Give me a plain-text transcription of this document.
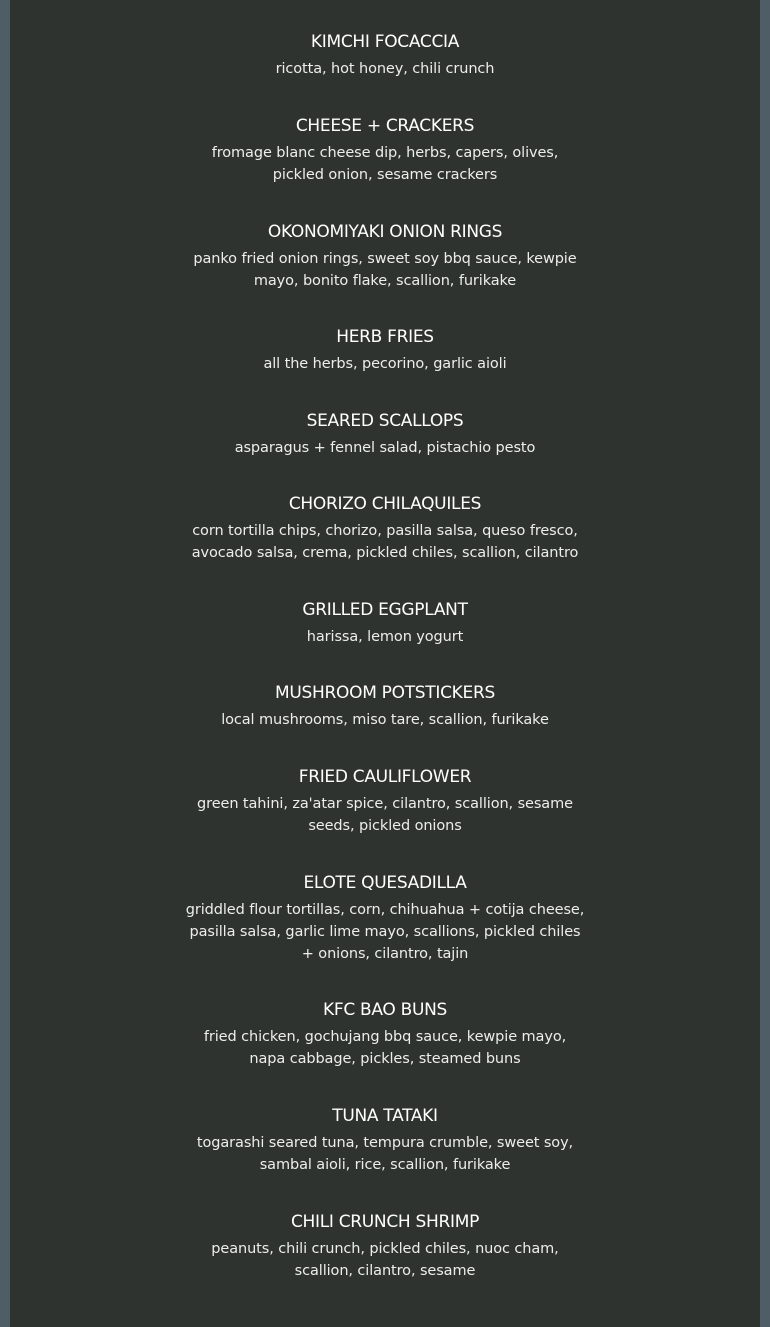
KIMCHI FOCACCIA
ricotta, hot honey, chili crunch
CHEESE + CRACKERS
fromage blanc cheese dip, herbs, capers, olives,
pickled onion, sesame crackers
OKONOMIYAKI ONION RINGS
panko fried onion rings, sweet soy bbq sauce, kewpie
mayo, bonito flake, scallion, furikake
HERB FRIES
all the herbs, pecorino, garlic aioli
SEARED SCALLOPS
asparagus + fennel salad, pistachio pesto
CHORIZO CHILAQUILES
corn tortilla chips, chorizo, pasilla salsa, queso fresco,
avocado salsa, crema, pickled chiles, scallion, cilantro
GRILLED EGGPLANT
harissa, lemon yogurt
MUSHROOM POTSTICKERS
local mushrooms, miso tare, scallion, furikake
FRIED CAULIFLOWER
green tahini, za'atar spice, cilantro, scallion, sesame
seeds, pickled onions
ELOTE QUESADILLA
griddled flour tortillas, corn, chihuahua + cotija cheese,
pasilla salsa, garlic lime mayo, scallions, pickled chiles
+ onions, cilantro, tajin
KFC BAO BUNS
fried chicken, gochujang bbq sauce, kewpie mayo,
napa cabbage, pickles, steamed buns
TUNA TATAKI
togarashi seared tuna, tempura crumble, sweet soy,
sambal aioli, rice, scallion, furikake
CHILI CRUNCH SHRIMP
peanuts, chili crunch, pickled chiles, nuoc cham,
scallion, cilantro, sesame
